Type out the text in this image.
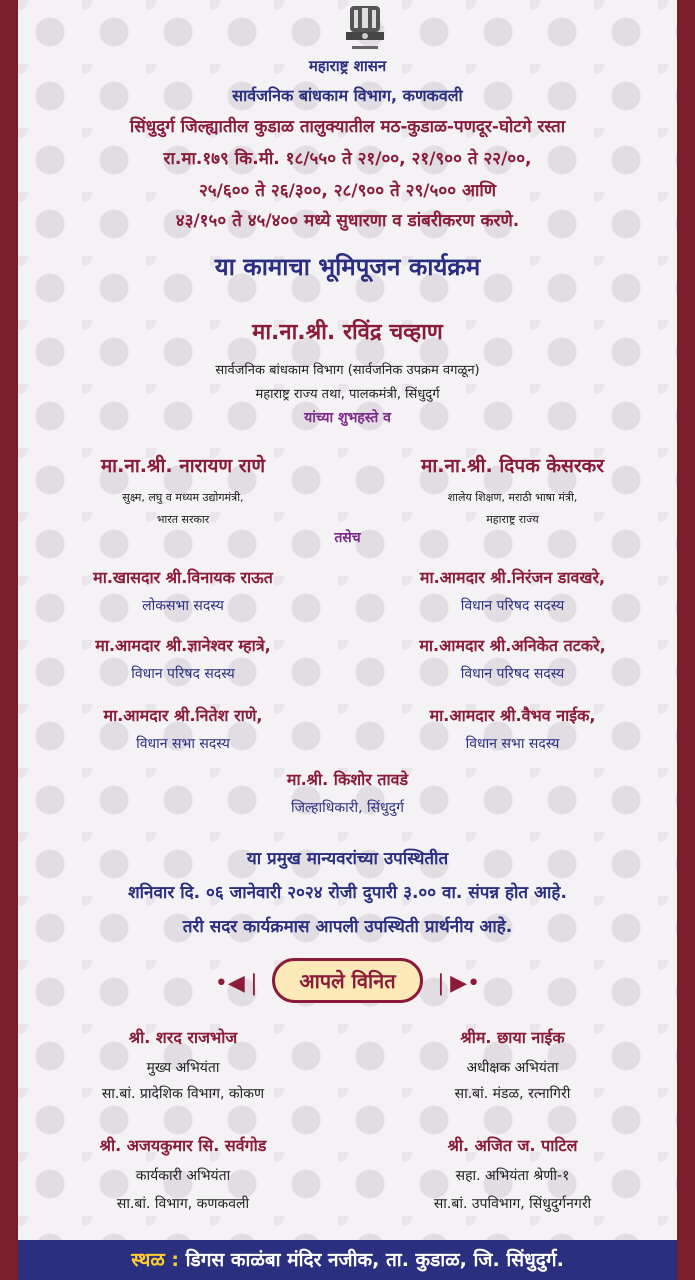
महाराष्ट्र शासन
सार्वजनिक बांधकाम विभाग, कणकवली
सिंधुदुर्ग जिल्ह्यातील कुडाळ तालुक्यातील मठ-कुडाळ-पणदूर-घोटगे रस्ता
रा.मा.१७९ कि.मी. १८/५५० ते २१/००, २१/९०० ते २२/००,
२५/६०० ते २६/३००, २८/९०० ते २९/५०० आणि
४३/१५० ते ४५/४०० मध्ये सुधारणा व डांबरीकरण करणे.
या कामाचा भूमिपूजन कार्यक्रम
मा.ना.श्री. रविंद्र चव्हाण
सार्वजनिक बांधकाम विभाग (सार्वजनिक उपक्रम वगळून)
महाराष्ट्र राज्य तथा, पालकमंत्री, सिंधुदुर्ग
यांच्या शुभहस्ते व
मा.ना.श्री. नारायण राणे
सुक्ष्म, लघु व मध्यम उद्योगमंत्री,
भारत सरकार
मा.ना.श्री. दिपक केसरकर
शालेय शिक्षण, मराठी भाषा मंत्री,
महाराष्ट्र राज्य
तसेच
मा.खासदार श्री.विनायक राऊत
लोकसभा सदस्य
मा.आमदार श्री.निरंजन डावखरे,
विधान परिषद सदस्य
मा.आमदार श्री.ज्ञानेश्वर म्हात्रे,
विधान परिषद सदस्य
मा.आमदार श्री.अनिकेत तटकरे,
विधान परिषद सदस्य
मा.आमदार श्री.नितेश राणे,
विधान सभा सदस्य
मा.आमदार श्री.वैभव नाईक,
विधान सभा सदस्य
मा.श्री. किशोर तावडे
जिल्हाधिकारी, सिंधुदुर्ग
या प्रमुख मान्यवरांच्या उपस्थितीत
शनिवार दि. ०६ जानेवारी २०२४ रोजी दुपारी ३.०० वा. संपन्न होत आहे.
तरी सदर कार्यक्रमास आपली उपस्थिती प्रार्थनीय आहे.
•◀❘ आपले विनित ❘▶•
श्री. शरद राजभोज
मुख्य अभियंता
सा.बां. प्रादेशिक विभाग, कोकण
श्रीम. छाया नाईक
अधीक्षक अभियंता
सा.बां. मंडळ, रत्नागिरी
श्री. अजयकुमार सि. सर्वगोड
कार्यकारी अभियंता
सा.बां. विभाग, कणकवली
श्री. अजित ज. पाटिल
सहा. अभियंता श्रेणी-१
सा.बां. उपविभाग, सिंधुदुर्गनगरी
स्थळ : डिगस काळंबा मंदिर नजीक, ता. कुडाळ, जि. सिंधुदुर्ग.
